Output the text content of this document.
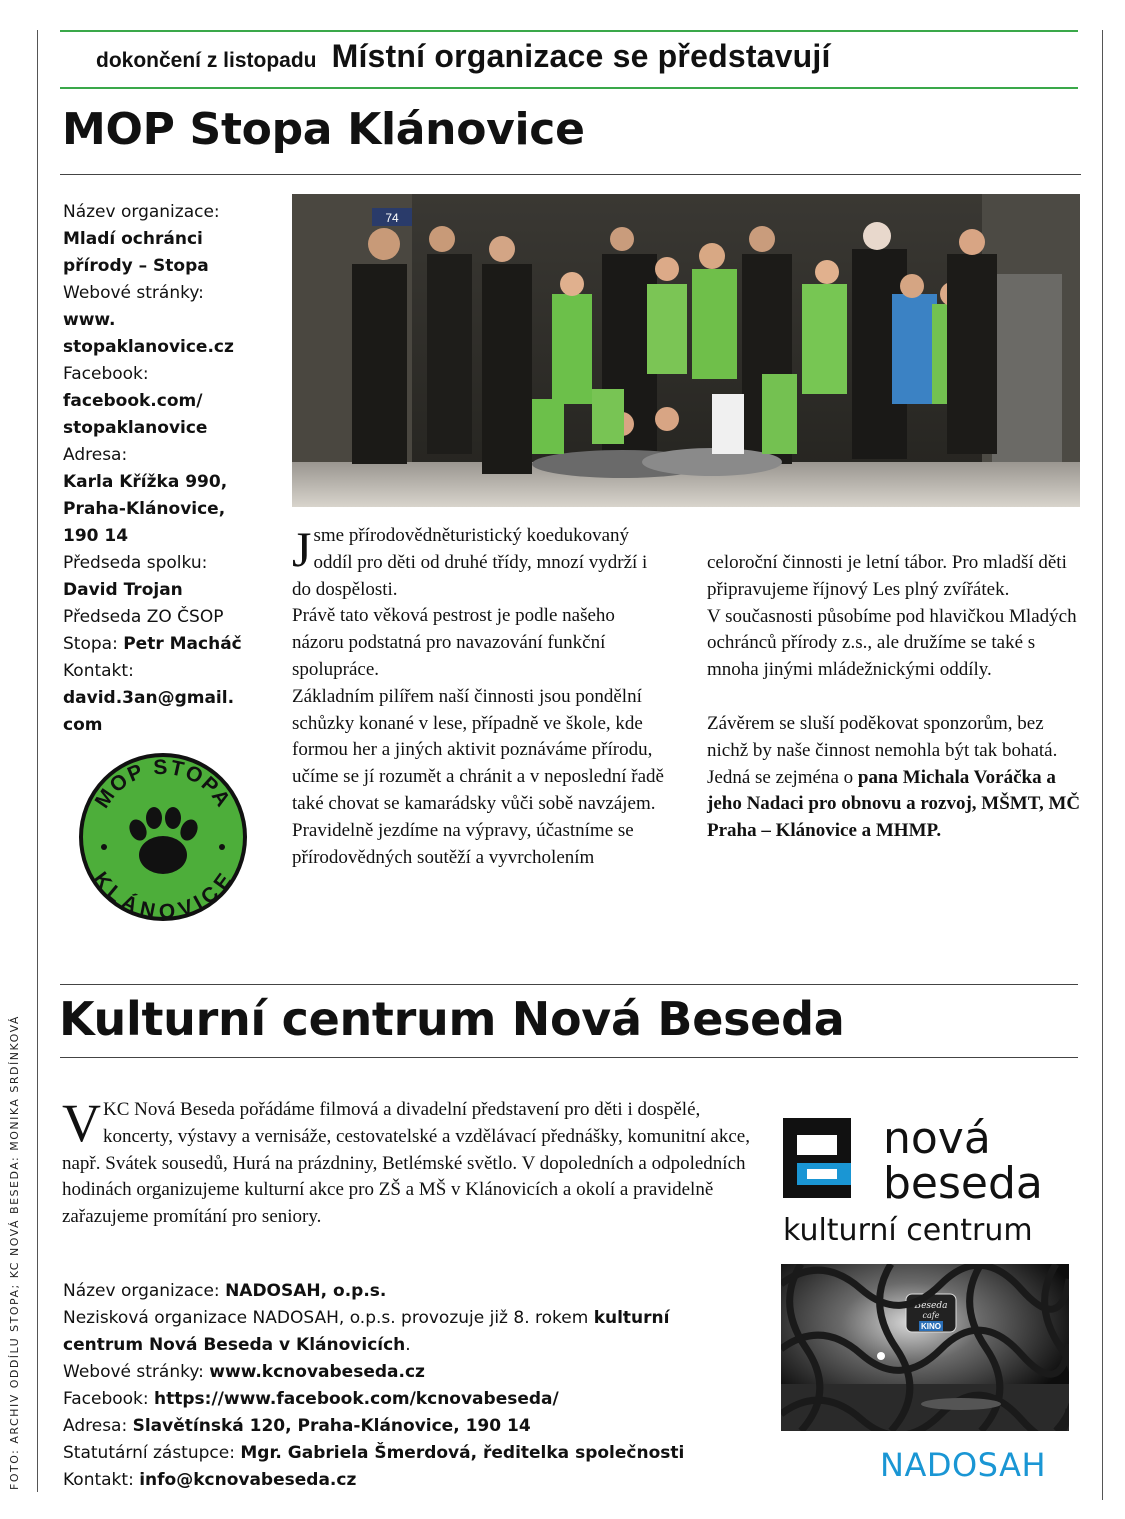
dokončení z listopadu Místní organizace se představují
MOP Stopa Klánovice
Název organizace:
Mladí ochránci přírody – Stopa
Webové stránky:
www. stopaklanovice.cz
Facebook:
facebook.com/ stopaklanovice
Adresa:
Karla Křížka 990, Praha-Klánovice, 190 14
Předseda spolku:
David Trojan
Předseda ZO ČSOP Stopa: Petr Macháč
Kontakt:
david.3an@gmail. com
MOP STOPA
KLÁNOVICE
74

Jsme přírodovědněturistický koedukovaný oddíl pro děti od druhé třídy, mnozí vydrží i do dospělosti.

Právě tato věková pestrost je podle našeho názoru podstatná pro navazování funkční spolupráce.

Základním pilířem naší činnosti jsou pondělní schůzky konané v lese, případně ve škole, kde formou her a jiných aktivit poznáváme přírodu, učíme se jí rozumět a chránit a v neposlední řadě také chovat se kamarádsky vůči sobě navzájem.

Pravidelně jezdíme na výpravy, účastníme se přírodovědných soutěží a vyvrcholením

celoroční činnosti je letní tábor. Pro mladší děti připravujeme říjnový Les plný zvířátek.

V současnosti působíme pod hlavičkou Mladých ochránců přírody z.s., ale družíme se také s mnoha jinými mládežnickými oddíly.

Závěrem se sluší poděkovat sponzorům, bez nichž by naše činnost nemohla být tak bohatá. Jedná se zejména o pana Michala Voráčka a jeho Nadaci pro obnovu a rozvoj, MŠMT, MČ Praha – Klánovice a MHMP.

Kulturní centrum Nová Beseda

V KC Nová Beseda pořádáme filmová a divadelní představení pro děti i dospělé, koncerty, výstavy a vernisáže, cestovatelské a vzdělávací přednášky, komunitní akce, např. Svátek sousedů, Hurá na prázdniny, Betlémské světlo. V dopoledních a odpoledních hodinách organizujeme kulturní akce pro ZŠ a MŠ v Klánovicích a okolí a pravidelně zařazujeme promítání pro seniory.

Název organizace: NADOSAH, o.p.s.
Nezisková organizace NADOSAH, o.p.s. provozuje již 8. rokem kulturní centrum Nová Beseda v Klánovicích.
Webové stránky: www.kcnovabeseda.cz
Facebook: https://www.facebook.com/kcnovabeseda/
Adresa: Slavětínská 120, Praha-Klánovice, 190 14
Statutární zástupce: Mgr. Gabriela Šmerdová, ředitelka společnosti
Kontakt: info@kcnovabeseda.cz
nová
beseda
kulturní centrum
Beseda
cafe
KINO
NADOSAH
FOTO: ARCHIV ODDÍLU STOPA; KC NOVÁ BESEDA: MONIKA SRDÍNKOVÁ
